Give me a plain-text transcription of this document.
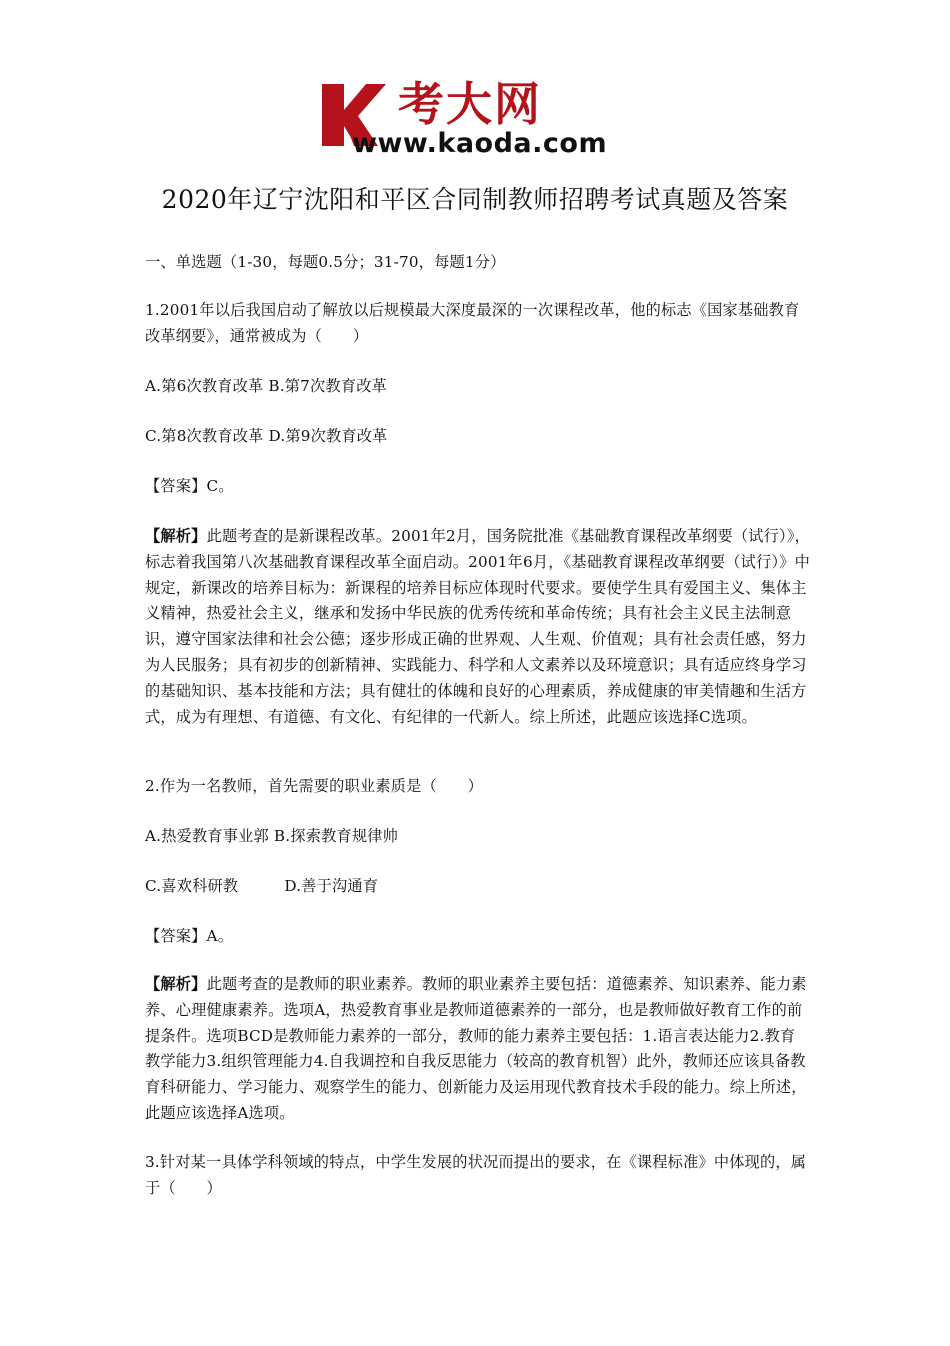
考大网
www.kaoda.com
2020年辽宁沈阳和平区合同制教师招聘考试真题及答案

一、单选题（1-30，每题0.5分；31-70，每题1分）

1.2001年以后我国启动了解放以后规模最大深度最深的一次课程改革，他的标志《国家基础教育改革纲要》，通常被成为（　　）

A.第6次教育改革 B.第7次教育改革

C.第8次教育改革 D.第9次教育改革

【答案】C。

【解析】此题考查的是新课程改革。2001年2月，国务院批准《基础教育课程改革纲要（试行）》，标志着我国第八次基础教育课程改革全面启动。2001年6月，《基础教育课程改革纲要（试行）》中规定，新课改的培养目标为：新课程的培养目标应体现时代要求。要使学生具有爱国主义、集体主义精神，热爱社会主义，继承和发扬中华民族的优秀传统和革命传统；具有社会主义民主法制意识，遵守国家法律和社会公德；逐步形成正确的世界观、人生观、价值观；具有社会责任感，努力为人民服务；具有初步的创新精神、实践能力、科学和人文素养以及环境意识；具有适应终身学习的基础知识、基本技能和方法；具有健壮的体魄和良好的心理素质，养成健康的审美情趣和生活方式，成为有理想、有道德、有文化、有纪律的一代新人。综上所述，此题应该选择C选项。

2.作为一名教师，首先需要的职业素质是（　　）

A.热爱教育事业郭 B.探索教育规律帅

C.喜欢科研教　　　D.善于沟通育

【答案】A。

【解析】此题考查的是教师的职业素养。教师的职业素养主要包括：道德素养、知识素养、能力素养、心理健康素养。选项A，热爱教育事业是教师道德素养的一部分，也是教师做好教育工作的前提条件。选项BCD是教师能力素养的一部分，教师的能力素养主要包括：1.语言表达能力2.教育教学能力3.组织管理能力4.自我调控和自我反思能力（较高的教育机智）此外，教师还应该具备教育科研能力、学习能力、观察学生的能力、创新能力及运用现代教育技术手段的能力。综上所述，此题应该选择A选项。

3.针对某一具体学科领域的特点，中学生发展的状况而提出的要求，在《课程标准》中体现的，属于（　　）
